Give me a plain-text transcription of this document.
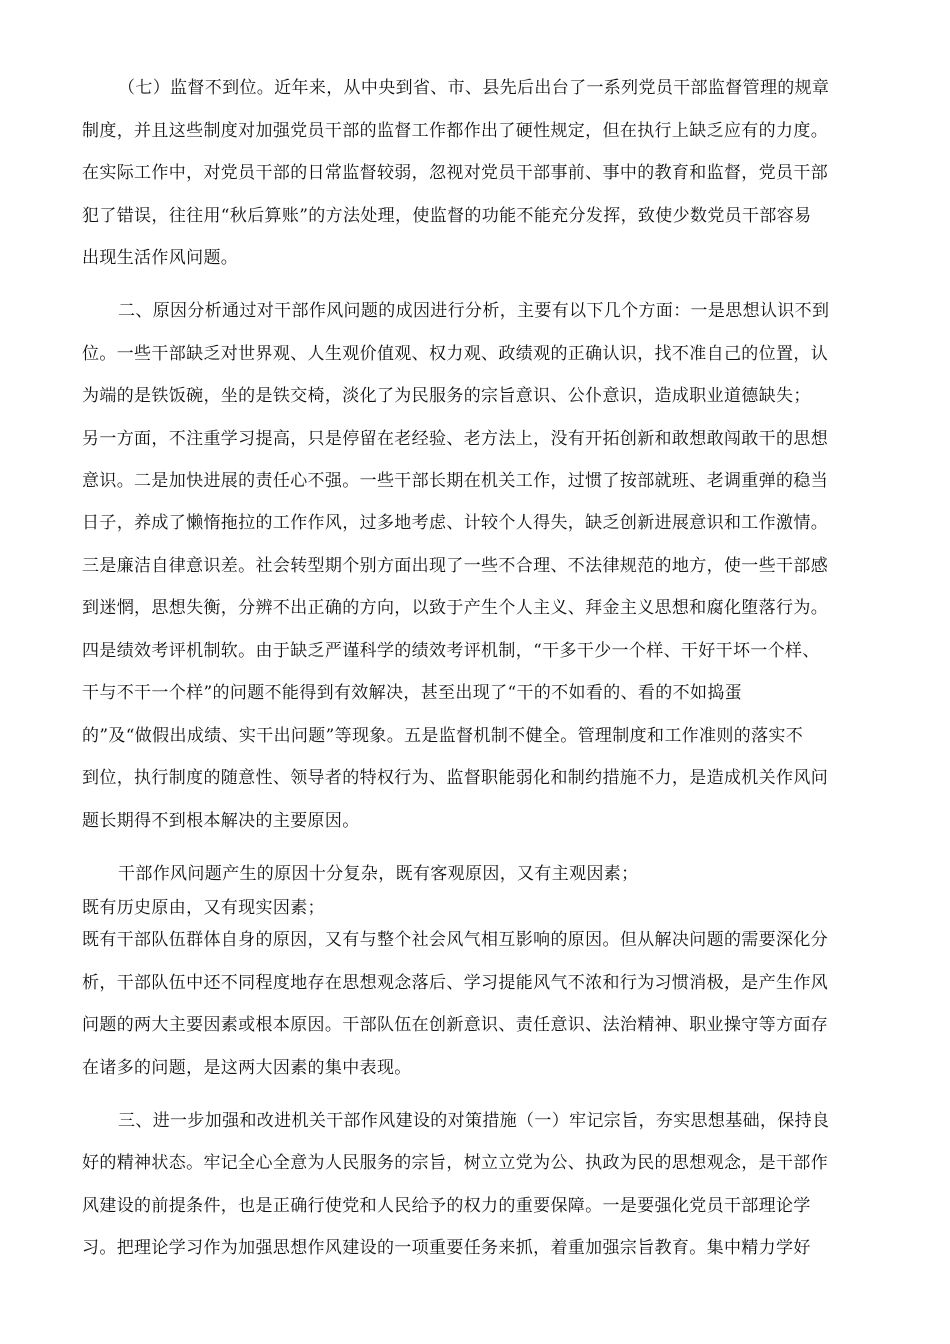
（七）监督不到位。近年来，从中央到省、市、县先后出台了一系列党员干部监督管理的规章
制度，并且这些制度对加强党员干部的监督工作都作出了硬性规定，但在执行上缺乏应有的力度。
在实际工作中，对党员干部的日常监督较弱，忽视对党员干部事前、事中的教育和监督，党员干部
犯了错误，往往用“秋后算账”的方法处理，使监督的功能不能充分发挥，致使少数党员干部容易
出现生活作风问题。
二、原因分析通过对干部作风问题的成因进行分析，主要有以下几个方面：一是思想认识不到
位。一些干部缺乏对世界观、人生观价值观、权力观、政绩观的正确认识，找不准自己的位置，认
为端的是铁饭碗，坐的是铁交椅，淡化了为民服务的宗旨意识、公仆意识，造成职业道德缺失；
另一方面，不注重学习提高，只是停留在老经验、老方法上，没有开拓创新和敢想敢闯敢干的思想
意识。二是加快进展的责任心不强。一些干部长期在机关工作，过惯了按部就班、老调重弹的稳当
日子，养成了懒惰拖拉的工作作风，过多地考虑、计较个人得失，缺乏创新进展意识和工作激情。
三是廉洁自律意识差。社会转型期个别方面出现了一些不合理、不法律规范的地方，使一些干部感
到迷惘，思想失衡，分辨不出正确的方向，以致于产生个人主义、拜金主义思想和腐化堕落行为。
四是绩效考评机制软。由于缺乏严谨科学的绩效考评机制，“干多干少一个样、干好干坏一个样、
干与不干一个样”的问题不能得到有效解决，甚至出现了“干的不如看的、看的不如捣蛋
的”及“做假出成绩、实干出问题”等现象。五是监督机制不健全。管理制度和工作准则的落实不
到位，执行制度的随意性、领导者的特权行为、监督职能弱化和制约措施不力，是造成机关作风问
题长期得不到根本解决的主要原因。
干部作风问题产生的原因十分复杂，既有客观原因，又有主观因素；
既有历史原由，又有现实因素；
既有干部队伍群体自身的原因，又有与整个社会风气相互影响的原因。但从解决问题的需要深化分
析，干部队伍中还不同程度地存在思想观念落后、学习提能风气不浓和行为习惯消极，是产生作风
问题的两大主要因素或根本原因。干部队伍在创新意识、责任意识、法治精神、职业操守等方面存
在诸多的问题，是这两大因素的集中表现。
三、进一步加强和改进机关干部作风建设的对策措施（一）牢记宗旨，夯实思想基础，保持良
好的精神状态。牢记全心全意为人民服务的宗旨，树立立党为公、执政为民的思想观念，是干部作
风建设的前提条件，也是正确行使党和人民给予的权力的重要保障。一是要强化党员干部理论学
习。把理论学习作为加强思想作风建设的一项重要任务来抓，着重加强宗旨教育。集中精力学好
